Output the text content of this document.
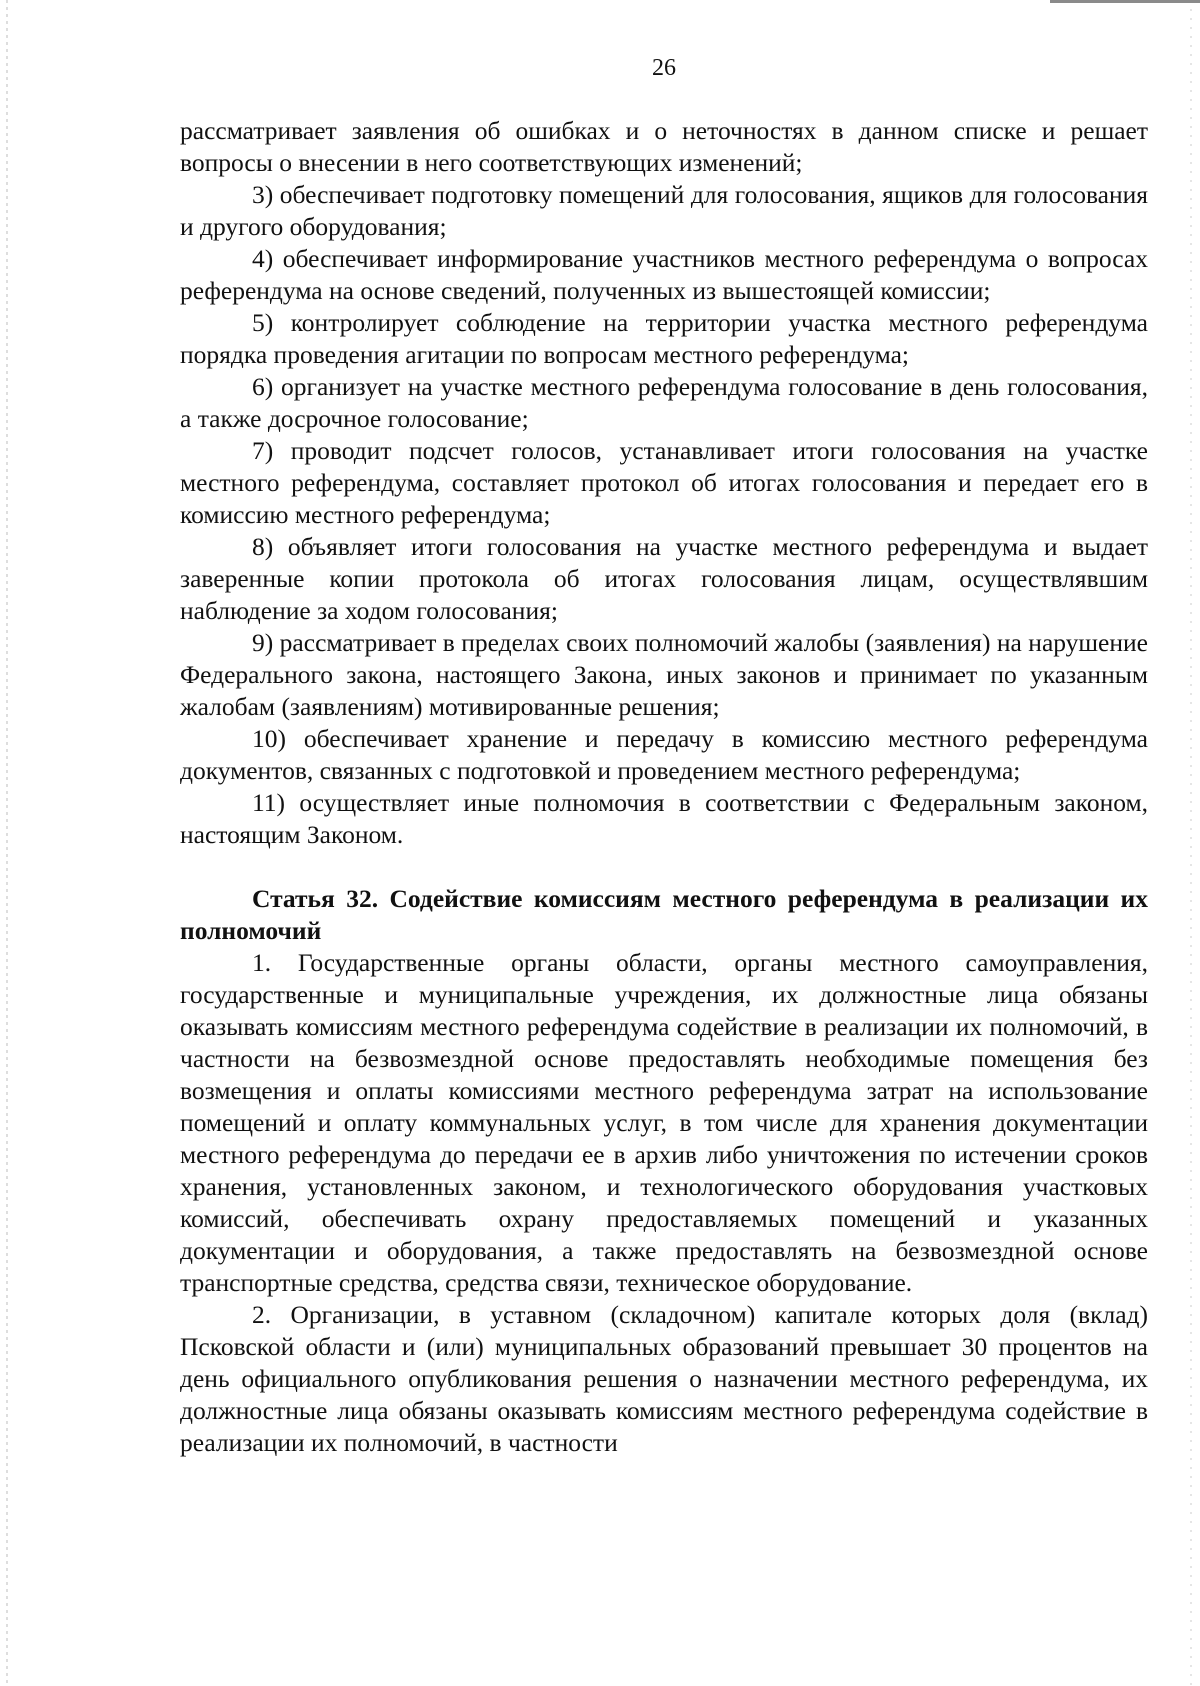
26

рассматривает заявления об ошибках и о неточностях в данном списке и решает вопросы о внесении в него соответствующих изменений;

3) обеспечивает подготовку помещений для голосования, ящиков для голосования и другого оборудования;

4) обеспечивает информирование участников местного референдума о вопросах референдума на основе сведений, полученных из вышестоящей комиссии;

5) контролирует соблюдение на территории участка местного референдума порядка проведения агитации по вопросам местного референдума;

6) организует на участке местного референдума голосование в день голосования, а также досрочное голосование;

7) проводит подсчет голосов, устанавливает итоги голосования на участке местного референдума, составляет протокол об итогах голосования и передает его в комиссию местного референдума;

8) объявляет итоги голосования на участке местного референдума и выдает заверенные копии протокола об итогах голосования лицам, осуществлявшим наблюдение за ходом голосования;

9) рассматривает в пределах своих полномочий жалобы (заявления) на нарушение Федерального закона, настоящего Закона, иных законов и принимает по указанным жалобам (заявлениям) мотивированные решения;

10) обеспечивает хранение и передачу в комиссию местного референдума документов, связанных с подготовкой и проведением местного референдума;

11) осуществляет иные полномочия в соответствии с Федеральным законом, настоящим Законом.

Статья 32. Содействие комиссиям местного референдума в реализации их полномочий

1. Государственные органы области, органы местного самоуправления, государственные и муниципальные учреждения, их должностные лица обязаны оказывать комиссиям местного референдума содействие в реализации их полномочий, в частности на безвозмездной основе предоставлять необходимые помещения без возмещения и оплаты комиссиями местного референдума затрат на использование помещений и оплату коммунальных услуг, в том числе для хранения документации местного референдума до передачи ее в архив либо уничтожения по истечении сроков хранения, установленных законом, и технологического оборудования участковых комиссий, обеспечивать охрану предоставляемых помещений и указанных документации и оборудования, а также предоставлять на безвозмездной основе транспортные средства, средства связи, техническое оборудование.

2. Организации, в уставном (складочном) капитале которых доля (вклад) Псковской области и (или) муниципальных образований превышает 30 процентов на день официального опубликования решения о назначении местного референдума, их должностные лица обязаны оказывать комиссиям местного референдума содействие в реализации их полномочий, в частности
